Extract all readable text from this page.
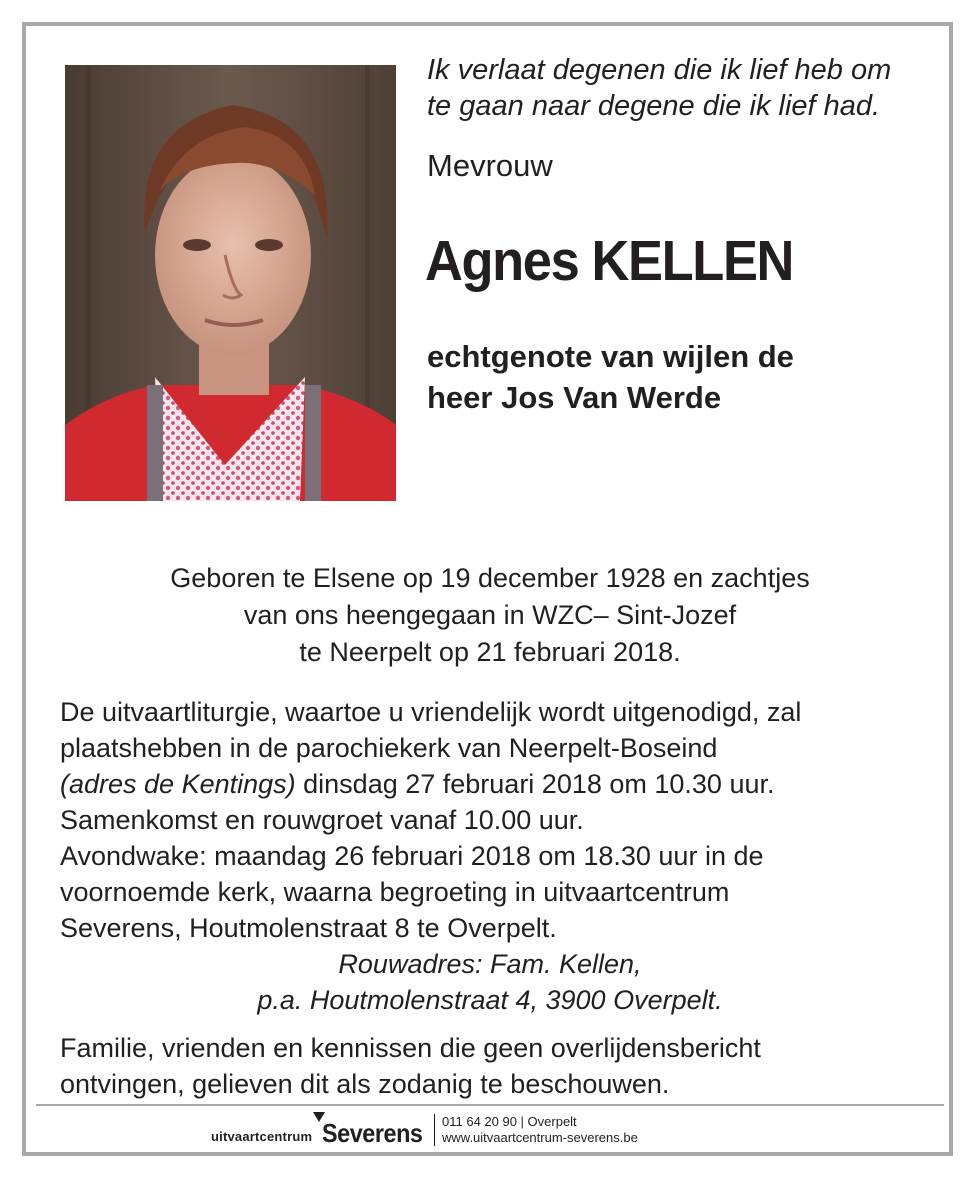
Ik verlaat degenen die ik lief heb om
te gaan naar degene die ik lief had.
Mevrouw
Agnes KELLEN
echtgenote van wijlen de
heer Jos Van Werde
Geboren te Elsene op 19 december 1928 en zachtjes
van ons heengegaan in WZC– Sint-Jozef
te Neerpelt op 21 februari 2018.
De uitvaartliturgie, waartoe u vriendelijk wordt uitgenodigd, zal
plaatshebben in de parochiekerk van Neerpelt-Boseind
(adres de Kentings) dinsdag 27 februari 2018 om 10.30 uur.
Samenkomst en rouwgroet vanaf 10.00 uur.
Avondwake: maandag 26 februari 2018 om 18.30 uur in de
voornoemde kerk, waarna begroeting in uitvaartcentrum
Severens, Houtmolenstraat 8 te Overpelt.
Rouwadres: Fam. Kellen,
p.a. Houtmolenstraat 4, 3900 Overpelt.
Familie, vrienden en kennissen die geen overlijdensbericht
ontvingen, gelieven dit als zodanig te beschouwen.
uitvaartcentrum Severens 011 64 20 90 | Overpelt
www.uitvaartcentrum-severens.be
